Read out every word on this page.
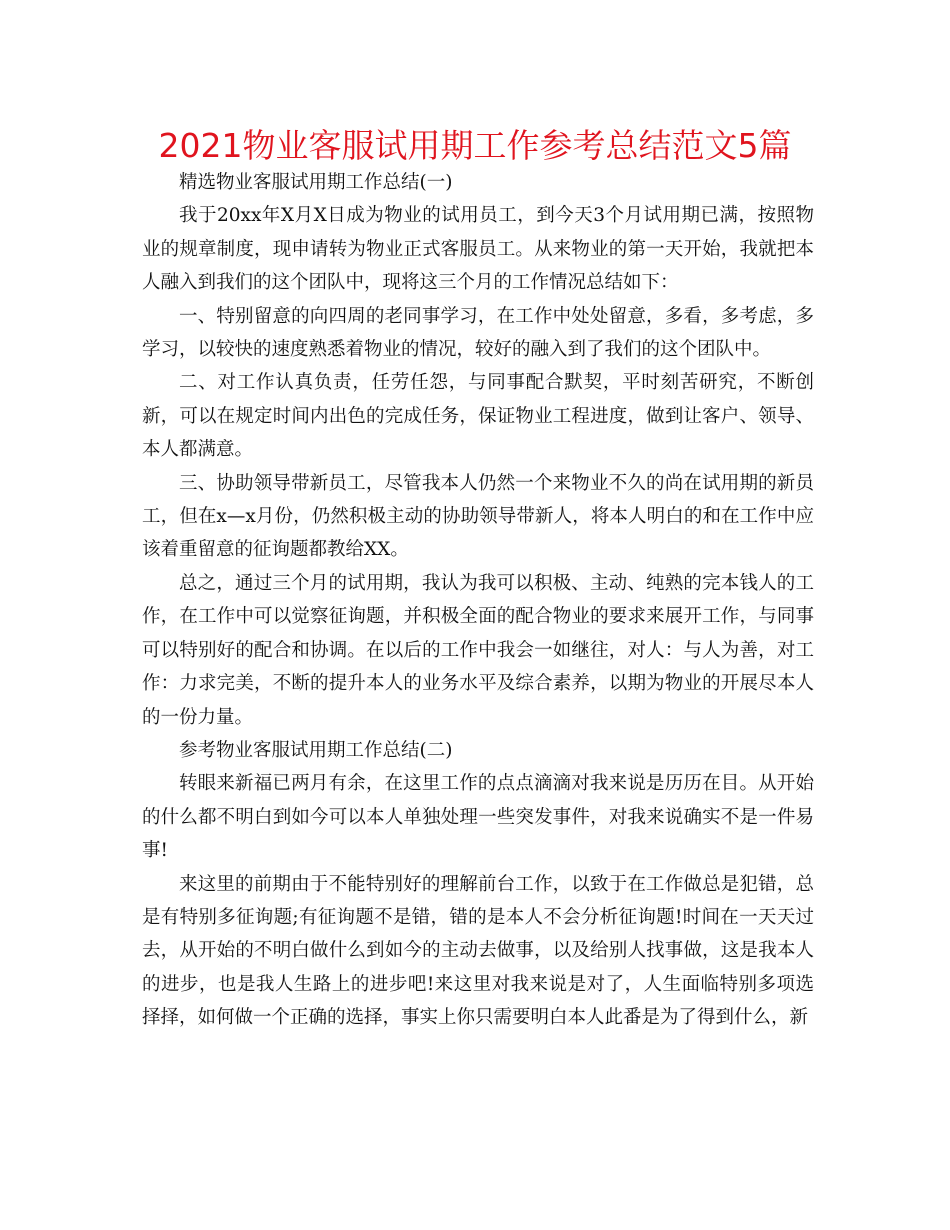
2021物业客服试用期工作参考总结范文5篇

精选物业客服试用期工作总结(一)

我于20xx年X月X日成为物业的试用员工，到今天3个月试用期已满，按照物业的规章制度，现申请转为物业正式客服员工。从来物业的第一天开始，我就把本人融入到我们的这个团队中，现将这三个月的工作情况总结如下：

一、特别留意的向四周的老同事学习，在工作中处处留意，多看，多考虑，多学习，以较快的速度熟悉着物业的情况，较好的融入到了我们的这个团队中。

二、对工作认真负责，任劳任怨，与同事配合默契，平时刻苦研究，不断创新，可以在规定时间内出色的完成任务，保证物业工程进度，做到让客户、领导、本人都满意。

三、协助领导带新员工，尽管我本人仍然一个来物业不久的尚在试用期的新员工，但在x—x月份，仍然积极主动的协助领导带新人，将本人明白的和在工作中应该着重留意的征询题都教给XX。

总之，通过三个月的试用期，我认为我可以积极、主动、纯熟的完本钱人的工作，在工作中可以觉察征询题，并积极全面的配合物业的要求来展开工作，与同事可以特别好的配合和协调。在以后的工作中我会一如继往，对人：与人为善，对工作：力求完美，不断的提升本人的业务水平及综合素养，以期为物业的开展尽本人的一份力量。

参考物业客服试用期工作总结(二)

转眼来新福已两月有余，在这里工作的点点滴滴对我来说是历历在目。从开始的什么都不明白到如今可以本人单独处理一些突发事件，对我来说确实不是一件易事!

来这里的前期由于不能特别好的理解前台工作，以致于在工作做总是犯错，总是有特别多征询题;有征询题不是错，错的是本人不会分析征询题!时间在一天天过去，从开始的不明白做什么到如今的主动去做事，以及给别人找事做，这是我本人的进步，也是我人生路上的进步吧!来这里对我来说是对了，人生面临特别多项选择择，如何做一个正确的选择，事实上你只需要明白本人此番是为了得到什么，新
